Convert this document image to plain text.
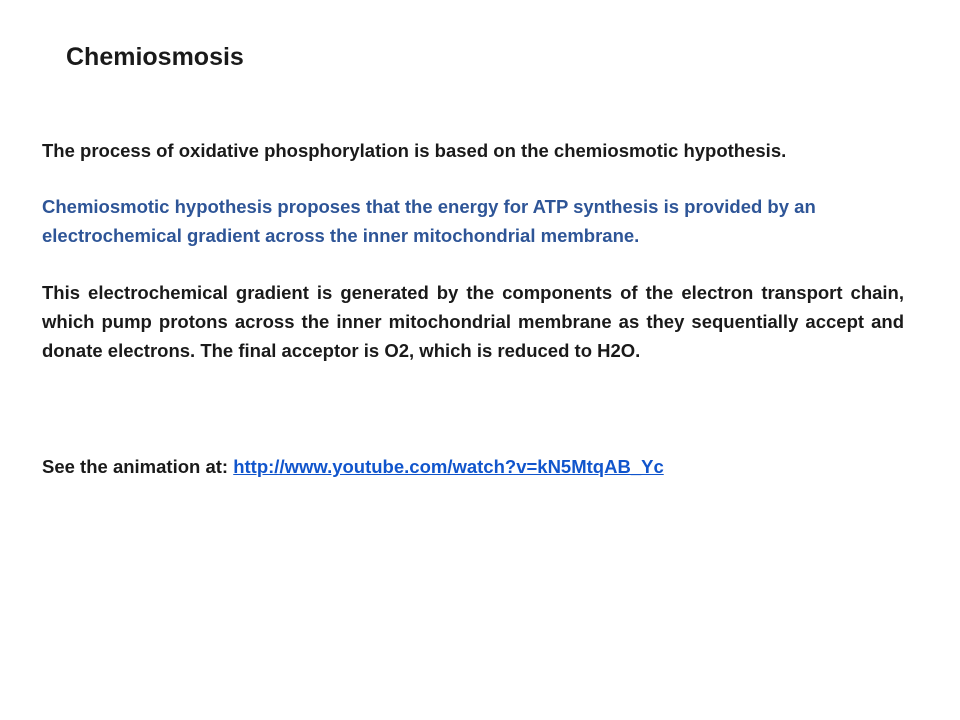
Chemiosmosis

The process of oxidative phosphorylation is based on the chemiosmotic hypothesis.

Chemiosmotic hypothesis proposes that the energy for ATP synthesis is provided by an electrochemical gradient across the inner mitochondrial membrane.

This electrochemical gradient is generated by the components of the electron transport chain, which pump protons across the inner mitochondrial membrane as they sequentially accept and donate electrons. The final acceptor is O2, which is reduced to H2O.

See the animation at: http://www.youtube.com/watch?v=kN5MtqAB_Yc
